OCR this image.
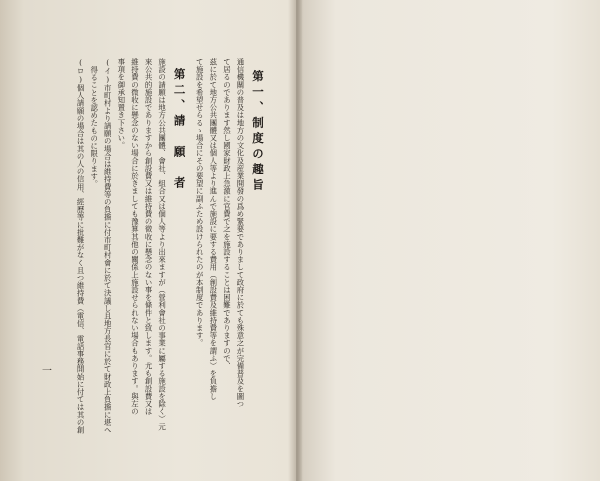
第一、制度の趣旨
通信機關の普及は地方の文化及産業開發の爲め緊要でありまして政府に於ても殊意之が完備普及を圖つ
て居るのであります然し國家財政上急激に官費で之を施設することは困難でありますので、
茲に於て地方公共團體又は個人等より進んで施設に要する費用（創設費及維持費等を謂ふ）を負擔し
て施設を希望せらるゝ場合にその要望に副ふため設けられたのが本制度であります。
第二、請　願　者
施設の請願は地方公共團體、會社、組合又は個人等より出來ますが（營利會社の事業に屬する施設を除く）元
來公共的施設でありますから創設費又は維持費の微收に懸念のない事を條件と致します。尤も創設費又は
維持費の微收に懸念のない場合に於きましても豫算其他の關係上施設せられない場合もあります。與左の
事項を御承知置き下さい。
(イ)市町村より請願の場合は維持費等の負擔に付市町村會に於て決議し且地方長官に於て財政上負擔に堪へ
得ることを認めたものに限ります。
(ロ)個人請願の場合は其の人の信用、經歷等に批難がなく且つ維持費（電信、電話事務開始に付ては其の創
一
